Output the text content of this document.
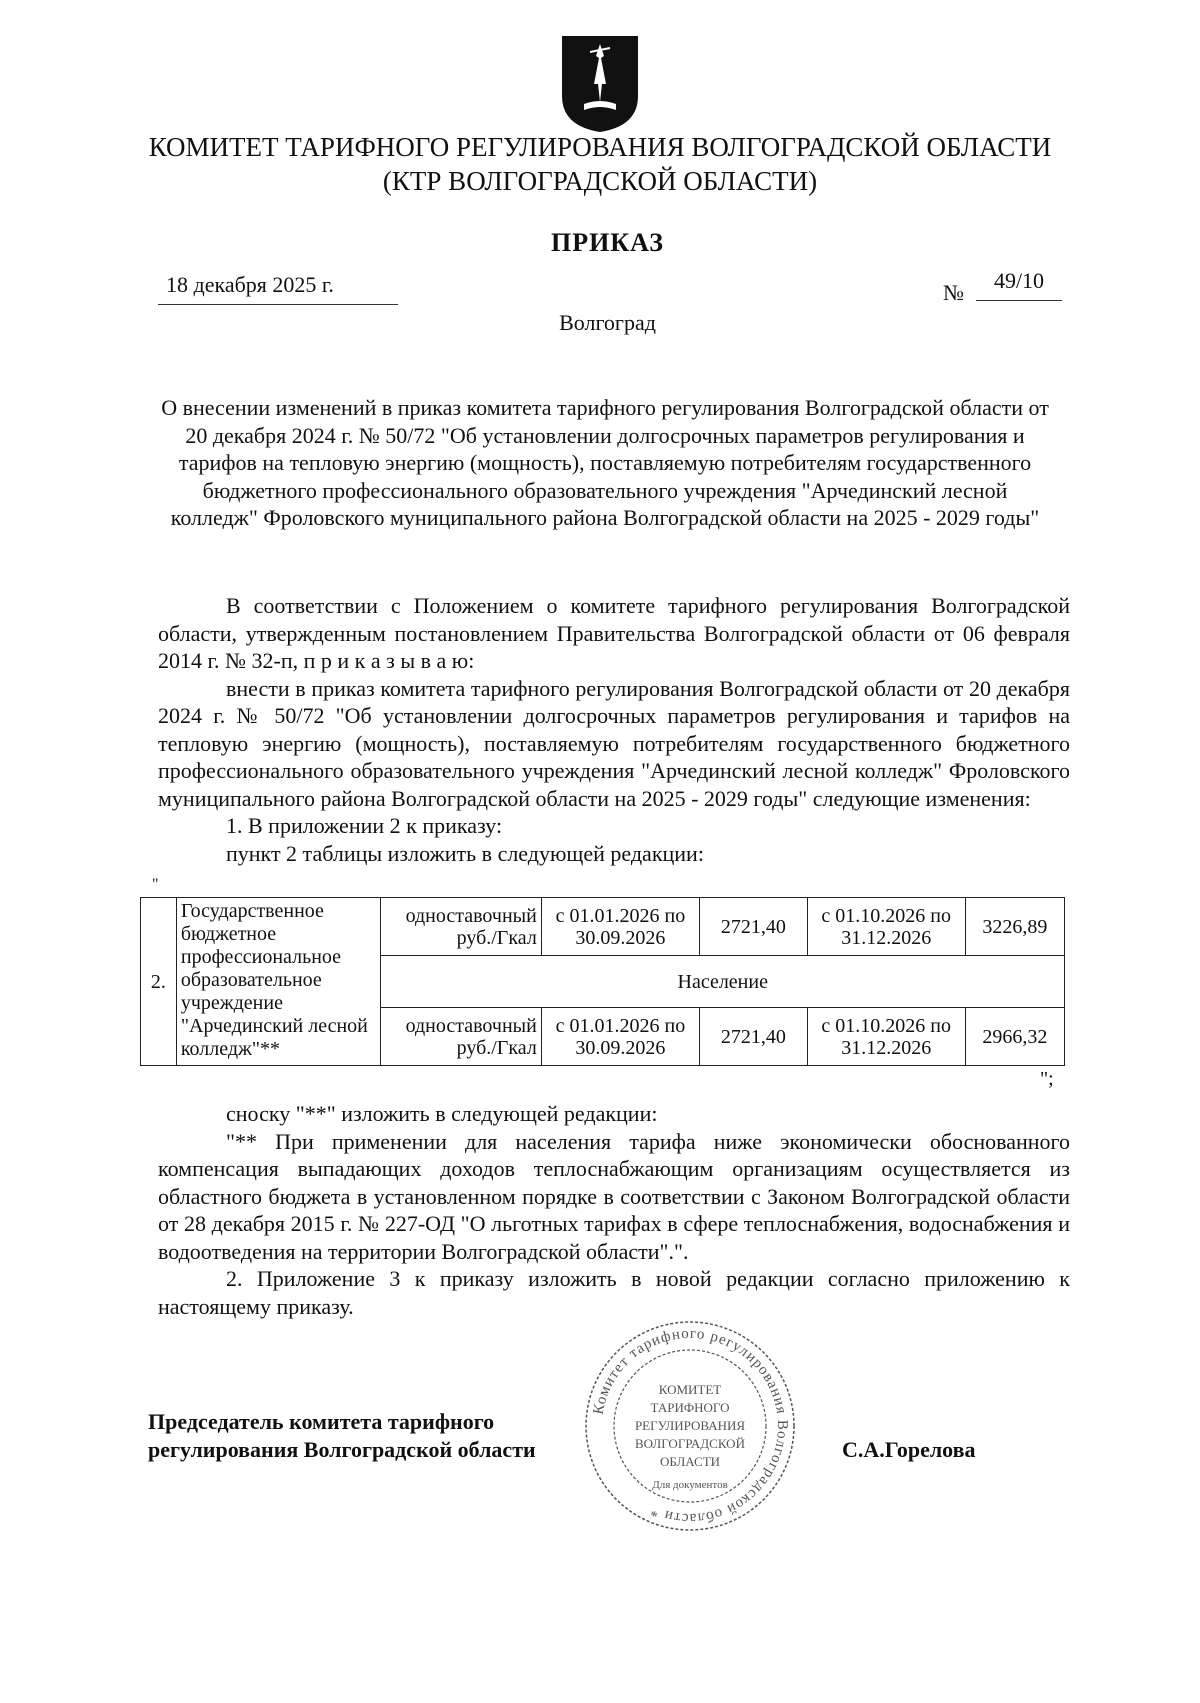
КОМИТЕТ ТАРИФНОГО РЕГУЛИРОВАНИЯ ВОЛГОГРАДСКОЙ ОБЛАСТИ
(КТР ВОЛГОГРАДСКОЙ ОБЛАСТИ)
ПРИКАЗ
18 декабря 2025 г.	№	49/10
Волгоград
О внесении изменений в приказ комитета тарифного регулирования Волгоградской области от 20 декабря 2024 г. № 50/72 "Об установлении долгосрочных параметров регулирования и тарифов на тепловую энергию (мощность), поставляемую потребителям государственного бюджетного профессионального образовательного учреждения "Арчединский лесной колледж" Фроловского муниципального района Волгоградской области на 2025 - 2029 годы"

В соответствии с Положением о комитете тарифного регулирования Волгоградской области, утвержденным постановлением Правительства Волгоградской области от 06 февраля 2014 г. № 32-п, п р и к а з ы в а ю:

внести в приказ комитета тарифного регулирования Волгоградской области от 20 декабря 2024 г. № 50/72 "Об установлении долгосрочных параметров регулирования и тарифов на тепловую энергию (мощность), поставляемую потребителям государственного бюджетного профессионального образовательного учреждения "Арчединский лесной колледж" Фроловского муниципального района Волгоградской области на 2025 - 2029 годы" следующие изменения:

1. В приложении 2 к приказу:

пункт 2 таблицы изложить в следующей редакции:

"
2.	Государственное бюджетное профессиональное образовательное учреждение "Арчединский лесной колледж"**	одноставочный руб./Гкал	с 01.01.2026 по 30.09.2026	2721,40	с 01.10.2026 по 31.12.2026	3226,89
		Население				
		одноставочный руб./Гкал	с 01.01.2026 по 30.09.2026	2721,40	с 01.10.2026 по 31.12.2026	2966,32
";

сноску "**" изложить в следующей редакции:

"** При применении для населения тарифа ниже экономически обоснованного компенсация выпадающих доходов теплоснабжающим организациям осуществляется из областного бюджета в установленном порядке в соответствии с Законом Волгоградской области от 28 декабря 2015 г. № 227-ОД "О льготных тарифах в сфере теплоснабжения, водоснабжения и водоотведения на территории Волгоградской области".".

2. Приложение 3 к приказу изложить в новой редакции согласно приложению к настоящему приказу.

Комитет тарифного регулирования Волгоградской области *
КОМИТЕТ
ТАРИФНОГО
РЕГУЛИРОВАНИЯ
ВОЛГОГРАДСКОЙ
ОБЛАСТИ
Для документов
Председатель комитета тарифного
регулирования Волгоградской области	С.А.Горелова
